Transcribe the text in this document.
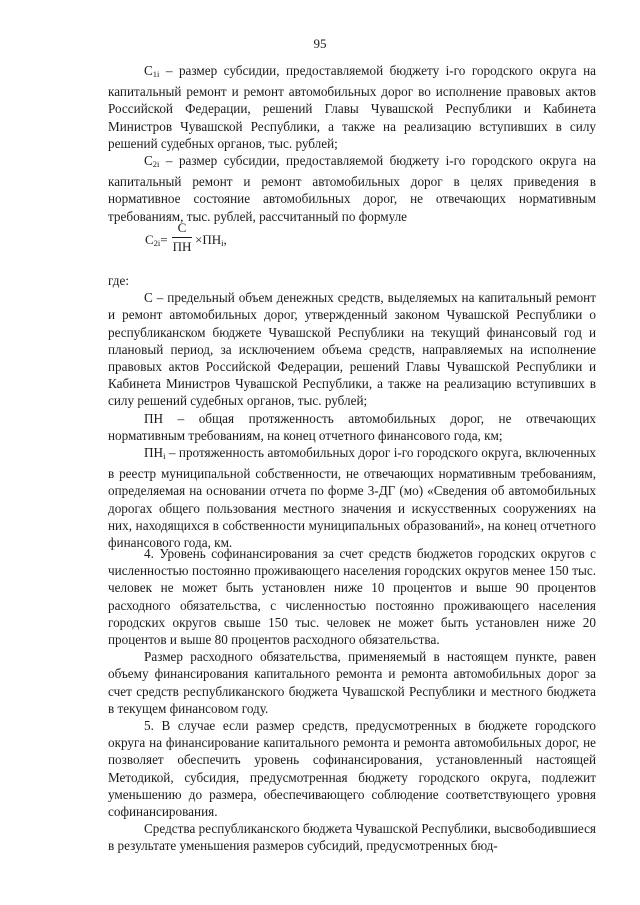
95

$С_{1i}$ – размер субсидии, предоставляемой бюджету i-го городского округа на капитальный ремонт и ремонт автомобильных дорог во исполнение правовых актов Российской Федерации, решений Главы Чувашской Республики и Кабинета Министров Чувашской Республики, а также на реализацию вступивших в силу решений судебных органов, тыс. рублей;

$С_{2i}$ – размер субсидии, предоставляемой бюджету i-го городского округа на капитальный ремонт и ремонт автомобильных дорог в целях приведения в нормативное состояние автомобильных дорог, не отвечающих нормативным требованиям, тыс. рублей, рассчитанный по формуле

$С_{2i}=$
С
ПН $\times ПН_i$,

где:

С – предельный объем денежных средств, выделяемых на капитальный ремонт и ремонт автомобильных дорог, утвержденный законом Чувашской Республики о республиканском бюджете Чувашской Республики на текущий финансовый год и плановый период, за исключением объема средств, направляемых на исполнение правовых актов Российской Федерации, решений Главы Чувашской Республики и Кабинета Министров Чувашской Республики, а также на реализацию вступивших в силу решений судебных органов, тыс. рублей;

ПН – общая протяженность автомобильных дорог, не отвечающих нормативным требованиям, на конец отчетного финансового года, км;

$ПН_i$ – протяженность автомобильных дорог i-го городского округа, включенных в реестр муниципальной собственности, не отвечающих нормативным требованиям, определяемая на основании отчета по форме 3-ДГ (мо) «Сведения об автомобильных дорогах общего пользования местного значения и искусственных сооружениях на них, находящихся в собственности муниципальных образований», на конец отчетного финансового года, км.

4. Уровень софинансирования за счет средств бюджетов городских округов с численностью постоянно проживающего населения городских округов менее 150 тыс. человек не может быть установлен ниже 10 процентов и выше 90 процентов расходного обязательства, с численностью постоянно проживающего населения городских округов свыше 150 тыс. человек не может быть установлен ниже 20 процентов и выше 80 процентов расходного обязательства.

Размер расходного обязательства, применяемый в настоящем пункте, равен объему финансирования капитального ремонта и ремонта автомобильных дорог за счет средств республиканского бюджета Чувашской Республики и местного бюджета в текущем финансовом году.

5. В случае если размер средств, предусмотренных в бюджете городского округа на финансирование капитального ремонта и ремонта автомобильных дорог, не позволяет обеспечить уровень софинансирования, установленный настоящей Методикой, субсидия, предусмотренная бюджету городского округа, подлежит уменьшению до размера, обеспечивающего соблюдение соответствующего уровня софинансирования.

Средства республиканского бюджета Чувашской Республики, высвободившиеся в результате уменьшения размеров субсидий, предусмотренных бюд-
